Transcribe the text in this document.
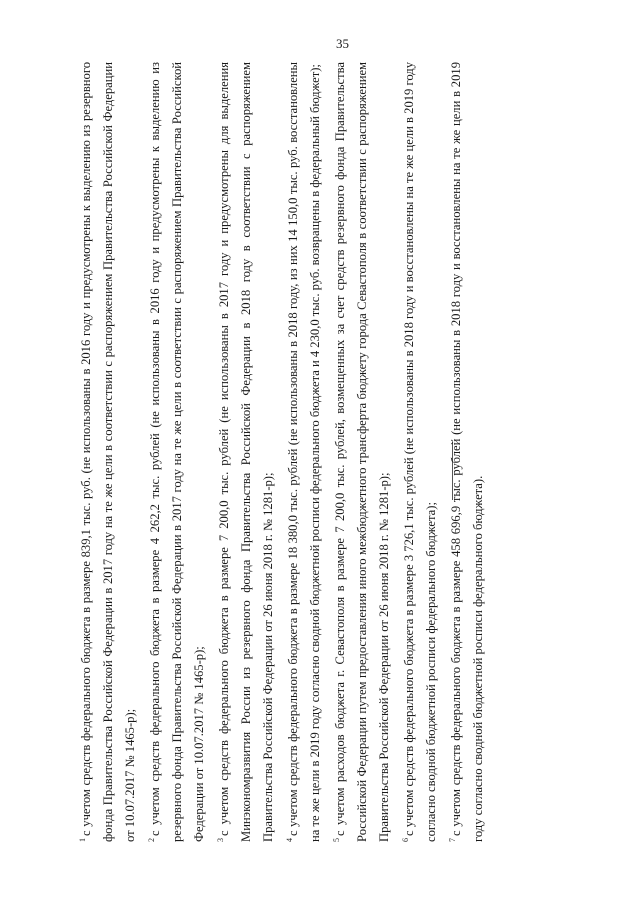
35

$^1$с учетом средств федерального бюджета в размере 839,1 тыс. руб. (не использованы в 2016 году и предусмотрены к выделению из резервного фонда Правительства Российской Федерации в 2017 году на те же цели в соответствии с распоряжением Правительства Российской Федерации от 10.07.2017 № 1465-р);	$^2$с учетом средств федерального бюджета в размере 4 262,2 тыс. рублей (не использованы в 2016 году и предусмотрены к выделению из резервного фонда Правительства Российской Федерации в 2017 году на те же цели в соответствии с распоряжением Правительства Российской Федерации от 10.07.2017 № 1465-р);	$^3$с учетом средств федерального бюджета в размере 7 200,0 тыс. рублей (не использованы в 2017 году и предусмотрены для выделения Минэкономразвития России из резервного фонда Правительства Российской Федерации в 2018 году в соответствии с распоряжением Правительства Российской Федерации от 26 июня 2018 г. № 1281-р);	$^4$с учетом средств федерального бюджета в размере 18 380,0 тыс. рублей (не использованы в 2018 году, из них 14 150,0 тыс. руб. восстановлены на те же цели в 2019 году согласно сводной бюджетной росписи федерального бюджета и 4 230,0 тыс. руб. возвращены в федеральный бюджет);	$^5$с учетом расходов бюджета г. Севастополя в размере 7 200,0 тыс. рублей, возмещенных за счет средств резервного фонда Правительства Российской Федерации путем предоставления иного межбюджетного трансферта бюджету города Севастополя в соответствии с распоряжением Правительства Российской Федерации от 26 июня 2018 г. № 1281-р);	$^6$с учетом средств федерального бюджета в размере 3 726,1 тыс. рублей (не использованы в 2018 году и восстановлены на те же цели в 2019 году согласно сводной бюджетной росписи федерального бюджета);	$^7$с учетом средств федерального бюджета в размере 458 696,9 тыс. рублей (не использованы в 2018 году и восстановлены на те же цели в 2019 году согласно сводной бюджетной росписи федерального бюджета).
